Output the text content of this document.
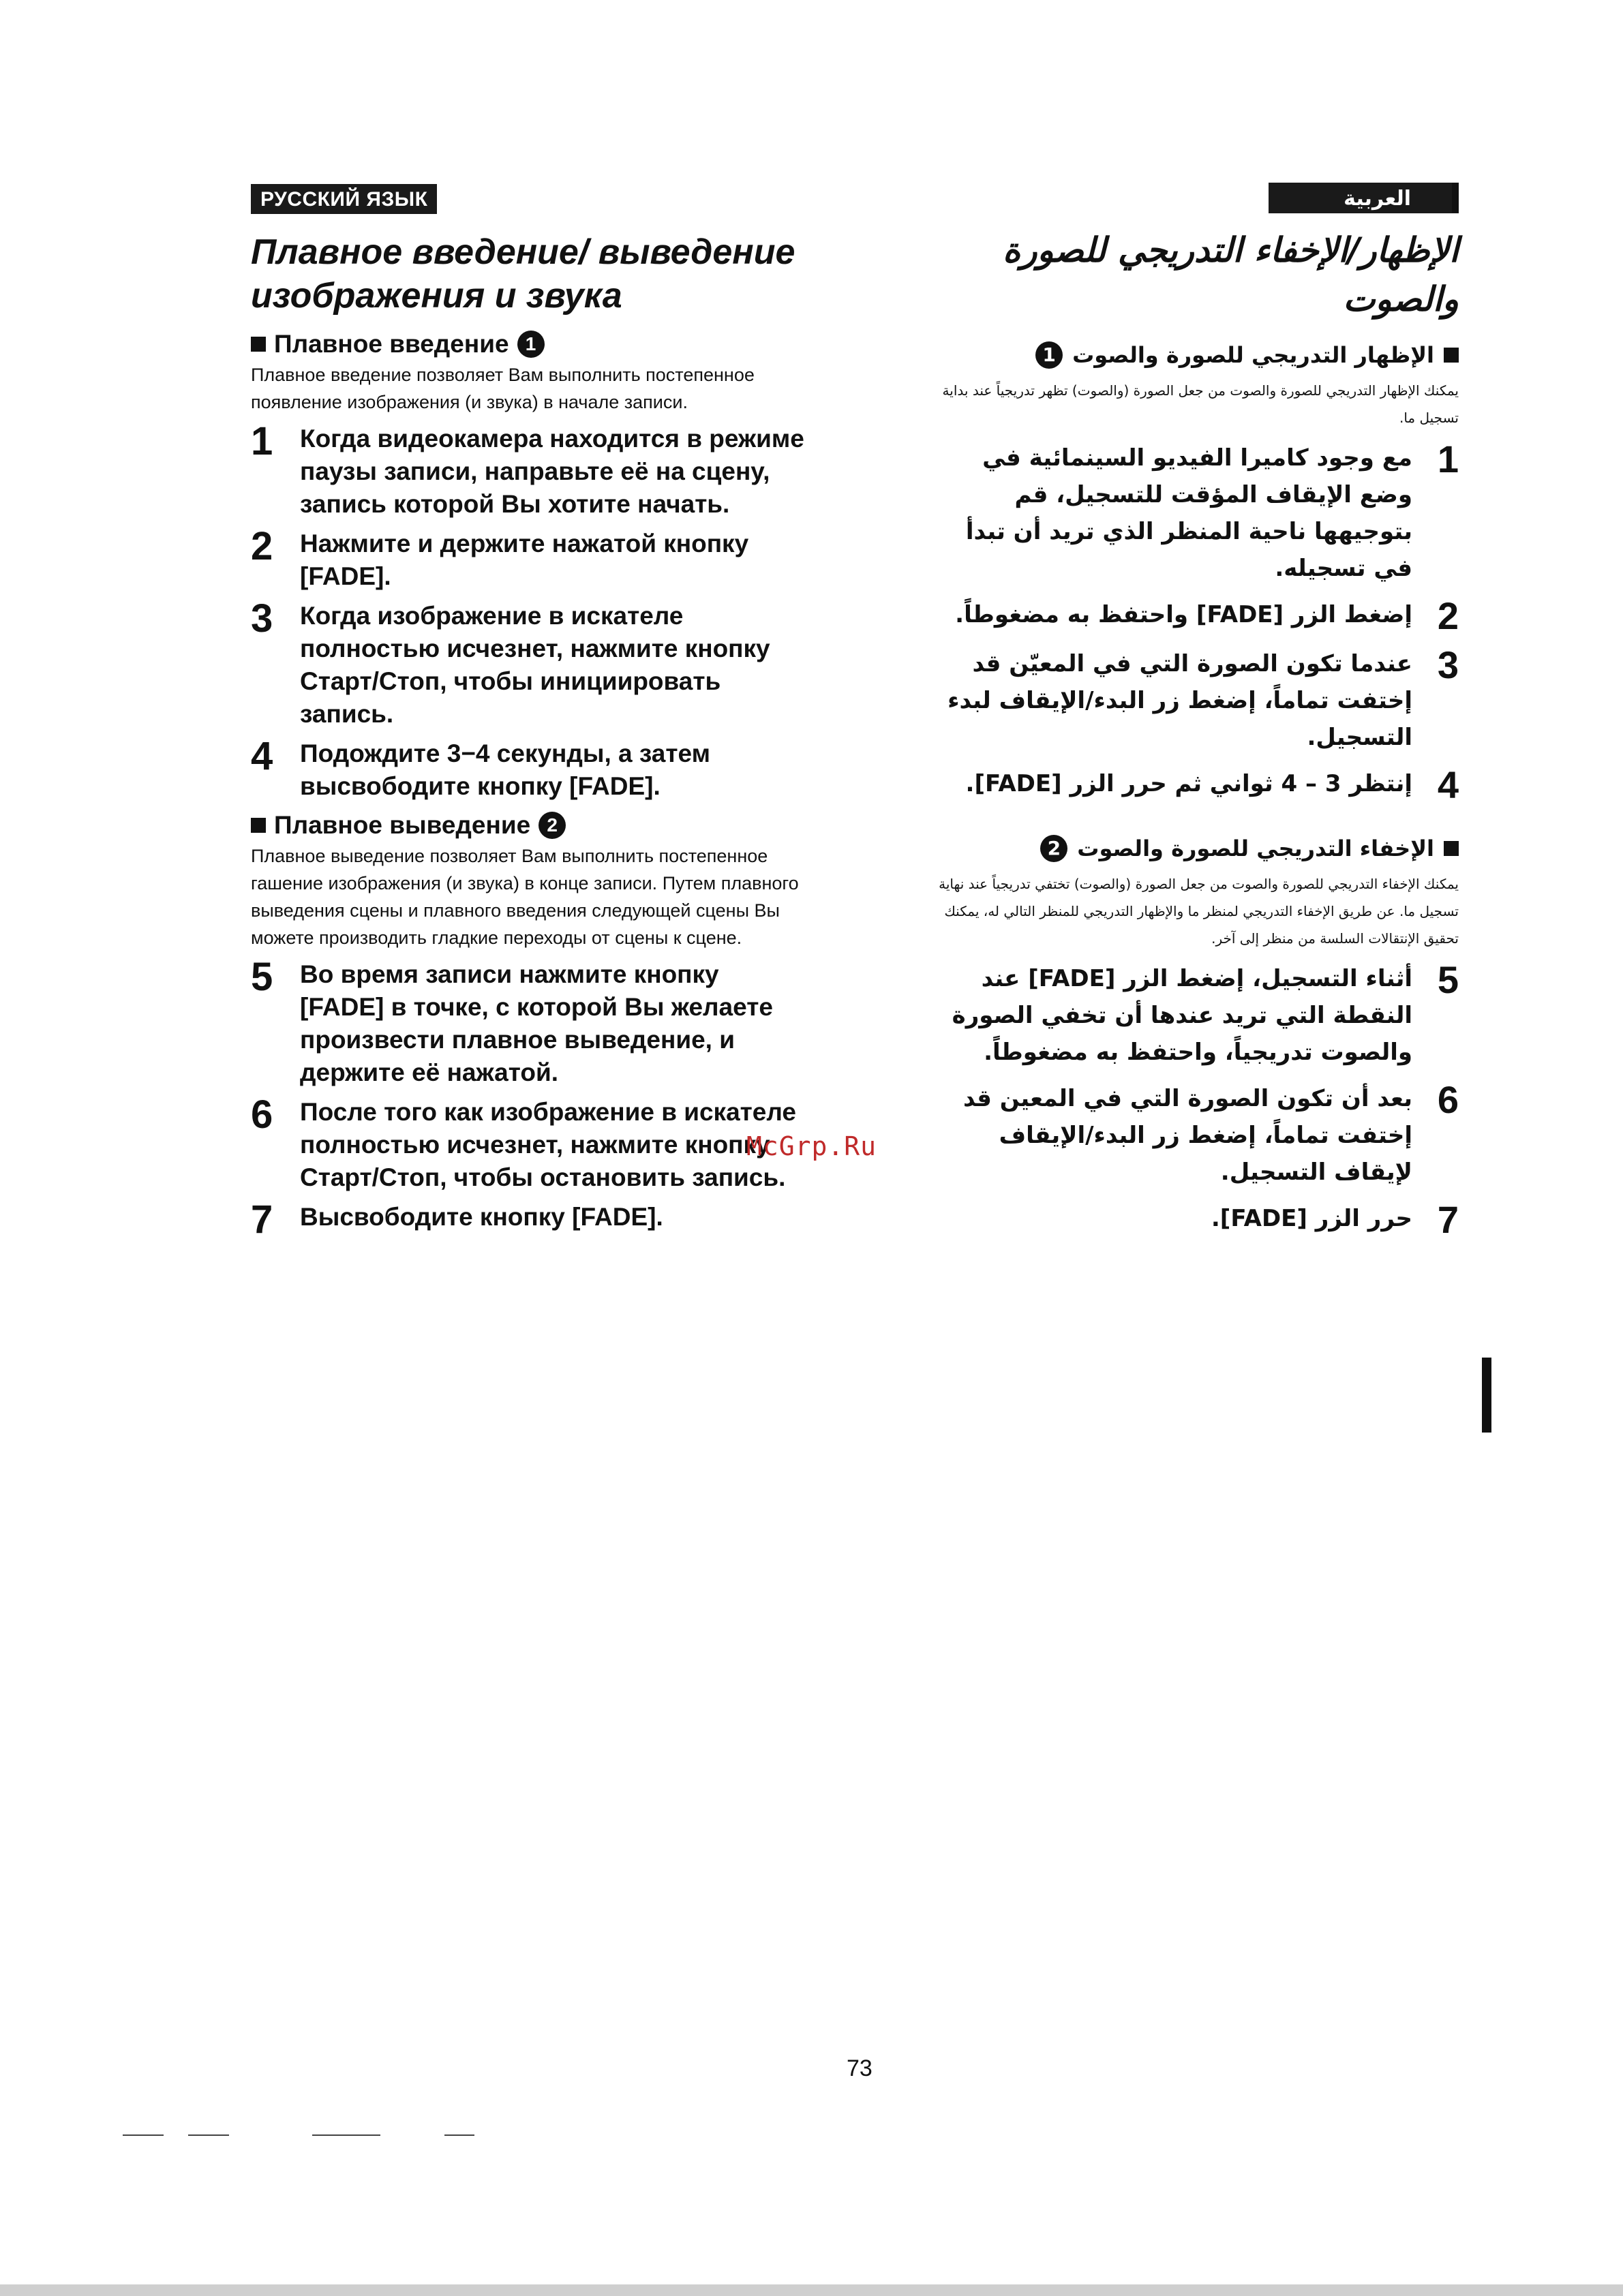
РУССКИЙ ЯЗЫК
Плавное введение/ выведение изображения и звука
Плавное введение 1
Плавное введение позволяет Вам выполнить постепенное появление изображения (и звука) в начале записи.
1	Когда видеокамера находится в режиме паузы записи, направьте её на сцену, запись которой Вы хотите начать.
2	Нажмите и держите нажатой кнопку [FADE].
3	Когда изображение в искателе полностью исчезнет, нажмите кнопку Старт/Стоп, чтобы инициировать запись.
4	Подождите 3−4 секунды, а затем высвободите кнопку [FADE].
Плавное выведение 2
Плавное выведение позволяет Вам выполнить постепенное гашение изображения (и звука) в конце записи. Путем плавного выведения сцены и плавного введения следующей сцены Вы можете производить гладкие переходы от сцены к сцене.
5	Во время записи нажмите кнопку [FADE] в точке, с которой Вы желаете произвести плавное выведение, и держите её нажатой.
6	После того как изображение в искателе полностью исчезнет, нажмите кнопку Старт/Стоп, чтобы остановить запись.
7	Высвободите кнопку [FADE].
العربية
الإظهار/الإخفاء التدريجي للصورة والصوت
الإظهار التدريجي للصورة والصوت
1
يمكنك الإظهار التدريجي للصورة والصوت من جعل الصورة (والصوت) تظهر تدريجياً عند بداية تسجيل ما.
1
مع وجود كاميرا الفيديو السينمائية في وضع الإيقاف المؤقت للتسجيل، قم بتوجيهها ناحية المنظر الذي تريد أن تبدأ في تسجيله.
2
إضغط الزر [FADE] واحتفظ به مضغوطاً.
3
عندما تكون الصورة التي في المعيّن قد إختفت تماماً، إضغط زر البدء/الإيقاف لبدء التسجيل.
4
إنتظر 3 – 4 ثواني ثم حرر الزر [FADE].
الإخفاء التدريجي للصورة والصوت
2
يمكنك الإخفاء التدريجي للصورة والصوت من جعل الصورة (والصوت) تختفي تدريجياً عند نهاية تسجيل ما. عن طريق الإخفاء التدريجي لمنظر ما والإظهار التدريجي للمنظر التالي له، يمكنك تحقيق الإنتقالات السلسة من منظر إلى آخر.
5
أثناء التسجيل، إضغط الزر [FADE] عند النقطة التي تريد عندها أن تخفي الصورة والصوت تدريجياً، واحتفظ به مضغوطاً.
6
بعد أن تكون الصورة التي في المعين قد إختفت تماماً، إضغط زر البدء/الإيقاف لإيقاف التسجيل.
7
حرر الزر [FADE].
McGrp.Ru
73
